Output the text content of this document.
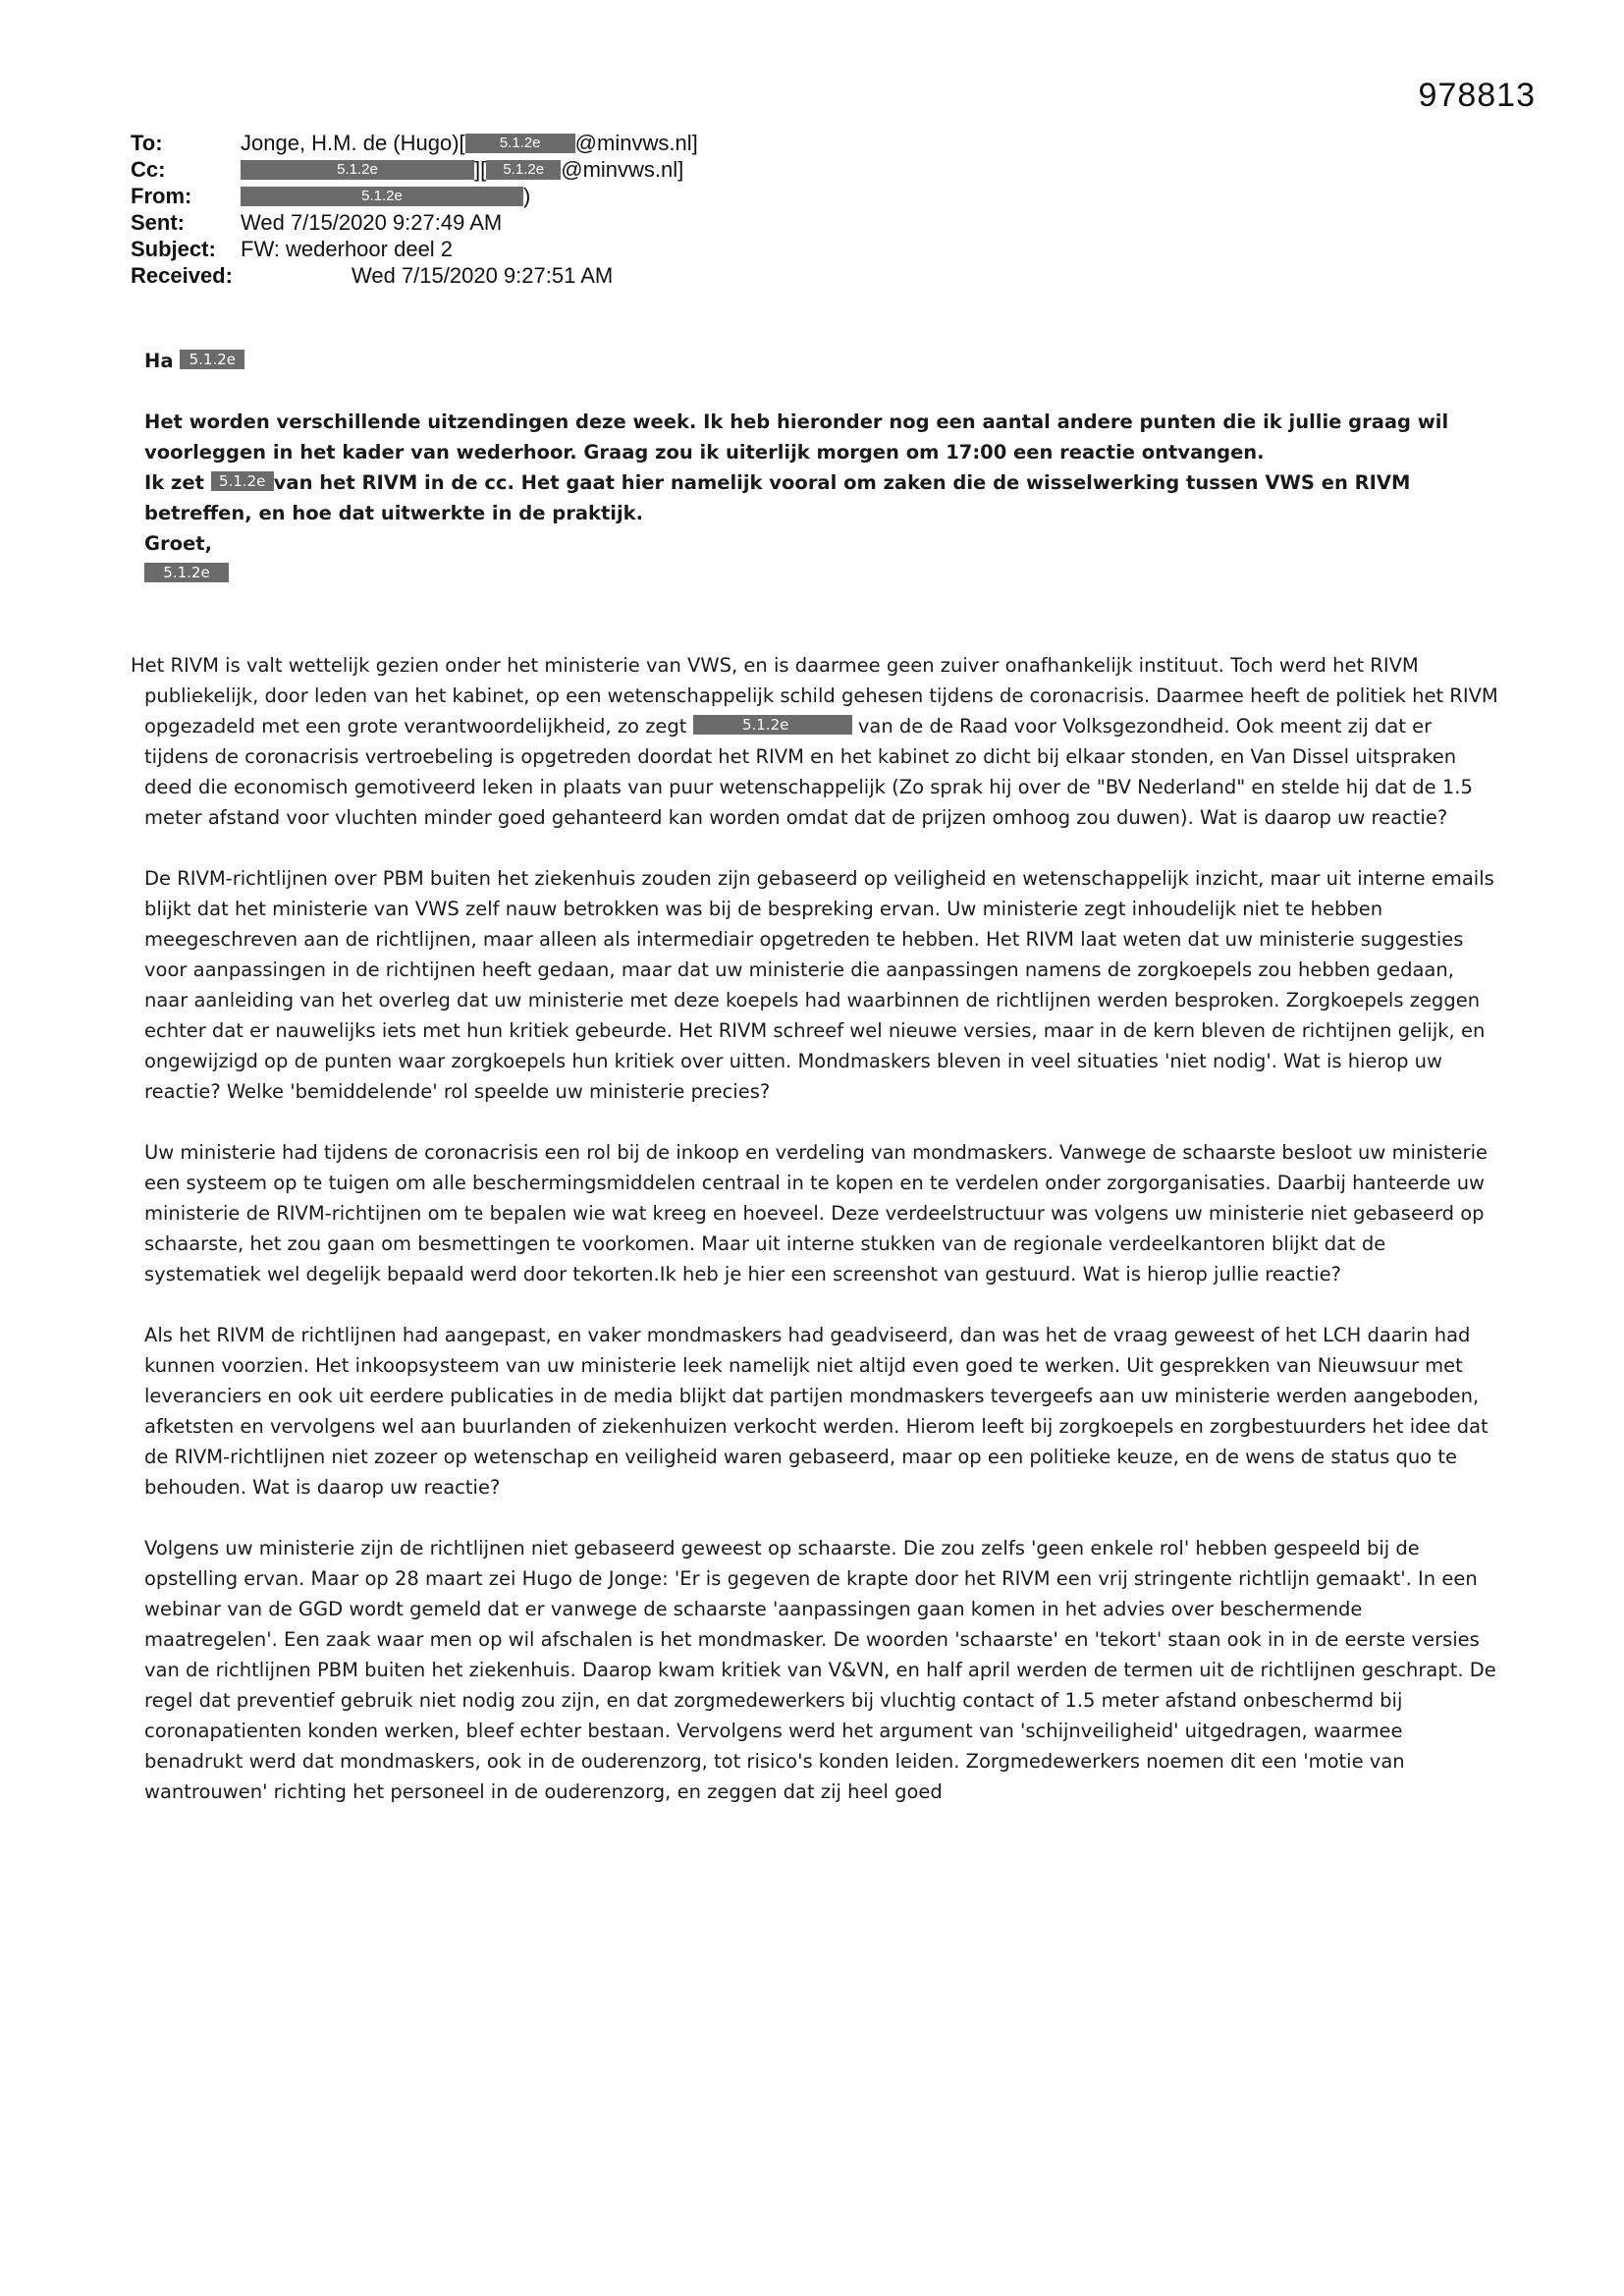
978813
To:	Jonge, H.M. de (Hugo)[ 5.1.2e @minvws.nl]
Cc:	5.1.2e	][ 5.1.2e @minvws.nl]
From:	5.1.2e	)
Sent:	Wed 7/15/2020 9:27:49 AM
Subject: FW: wederhoor deel 2
Received:	Wed 7/15/2020 9:27:51 AM

Ha 5.1.2e

Het worden verschillende uitzendingen deze week. Ik heb hieronder nog een aantal andere punten die ik jullie graag wil voorleggen in het kader van wederhoor. Graag zou ik uiterlijk morgen om 17:00 een reactie ontvangen.

Ik zet 5.1.2e van het RIVM in de cc. Het gaat hier namelijk vooral om zaken die de wisselwerking tussen VWS en RIVM betreffen, en hoe dat uitwerkte in de praktijk.

Groet,

5.1.2e

Het RIVM is valt wettelijk gezien onder het ministerie van VWS, en is daarmee geen zuiver onafhankelijk instituut. Toch werd het RIVM publiekelijk, door leden van het kabinet, op een wetenschappelijk schild gehesen tijdens de coronacrisis. Daarmee heeft de politiek het RIVM opgezadeld met een grote verantwoordelijkheid, zo zegt	5.1.2e	van de de Raad voor Volksgezondheid. Ook meent zij dat er tijdens de coronacrisis vertroebeling is opgetreden doordat het RIVM en het kabinet zo dicht bij elkaar stonden, en Van Dissel uitspraken deed die economisch gemotiveerd leken in plaats van puur wetenschappelijk (Zo sprak hij over de "BV Nederland" en stelde hij dat de 1.5 meter afstand voor vluchten minder goed gehanteerd kan worden omdat dat de prijzen omhoog zou duwen). Wat is daarop uw reactie?

De RIVM-richtlijnen over PBM buiten het ziekenhuis zouden zijn gebaseerd op veiligheid en wetenschappelijk inzicht, maar uit interne emails blijkt dat het ministerie van VWS zelf nauw betrokken was bij de bespreking ervan. Uw ministerie zegt inhoudelijk niet te hebben meegeschreven aan de richtlijnen, maar alleen als intermediair opgetreden te hebben. Het RIVM laat weten dat uw ministerie suggesties voor aanpassingen in de richtijnen heeft gedaan, maar dat uw ministerie die aanpassingen namens de zorgkoepels zou hebben gedaan, naar aanleiding van het overleg dat uw ministerie met deze koepels had waarbinnen de richtlijnen werden besproken. Zorgkoepels zeggen echter dat er nauwelijks iets met hun kritiek gebeurde. Het RIVM schreef wel nieuwe versies, maar in de kern bleven de richtijnen gelijk, en ongewijzigd op de punten waar zorgkoepels hun kritiek over uitten. Mondmaskers bleven in veel situaties 'niet nodig'. Wat is hierop uw reactie? Welke 'bemiddelende' rol speelde uw ministerie precies?

Uw ministerie had tijdens de coronacrisis een rol bij de inkoop en verdeling van mondmaskers. Vanwege de schaarste besloot uw ministerie een systeem op te tuigen om alle beschermingsmiddelen centraal in te kopen en te verdelen onder zorgorganisaties. Daarbij hanteerde uw ministerie de RIVM-richtijnen om te bepalen wie wat kreeg en hoeveel. Deze verdeelstructuur was volgens uw ministerie niet gebaseerd op schaarste, het zou gaan om besmettingen te voorkomen. Maar uit interne stukken van de regionale verdeelkantoren blijkt dat de systematiek wel degelijk bepaald werd door tekorten.Ik heb je hier een screenshot van gestuurd. Wat is hierop jullie reactie?

Als het RIVM de richtlijnen had aangepast, en vaker mondmaskers had geadviseerd, dan was het de vraag geweest of het LCH daarin had kunnen voorzien. Het inkoopsysteem van uw ministerie leek namelijk niet altijd even goed te werken. Uit gesprekken van Nieuwsuur met leveranciers en ook uit eerdere publicaties in de media blijkt dat partijen mondmaskers tevergeefs aan uw ministerie werden aangeboden, afketsten en vervolgens wel aan buurlanden of ziekenhuizen verkocht werden. Hierom leeft bij zorgkoepels en zorgbestuurders het idee dat de RIVM-richtlijnen niet zozeer op wetenschap en veiligheid waren gebaseerd, maar op een politieke keuze, en de wens de status quo te behouden. Wat is daarop uw reactie?

Volgens uw ministerie zijn de richtlijnen niet gebaseerd geweest op schaarste. Die zou zelfs 'geen enkele rol' hebben gespeeld bij de opstelling ervan. Maar op 28 maart zei Hugo de Jonge: 'Er is gegeven de krapte door het RIVM een vrij stringente richtlijn gemaakt'. In een webinar van de GGD wordt gemeld dat er vanwege de schaarste 'aanpassingen gaan komen in het advies over beschermende maatregelen'. Een zaak waar men op wil afschalen is het mondmasker. De woorden 'schaarste' en 'tekort' staan ook in in de eerste versies van de richtlijnen PBM buiten het ziekenhuis. Daarop kwam kritiek van V&VN, en half april werden de termen uit de richtlijnen geschrapt. De regel dat preventief gebruik niet nodig zou zijn, en dat zorgmedewerkers bij vluchtig contact of 1.5 meter afstand onbeschermd bij coronapatienten konden werken, bleef echter bestaan. Vervolgens werd het argument van 'schijnveiligheid' uitgedragen, waarmee benadrukt werd dat mondmaskers, ook in de ouderenzorg, tot risico's konden leiden. Zorgmedewerkers noemen dit een 'motie van wantrouwen' richting het personeel in de ouderenzorg, en zeggen dat zij heel goed
